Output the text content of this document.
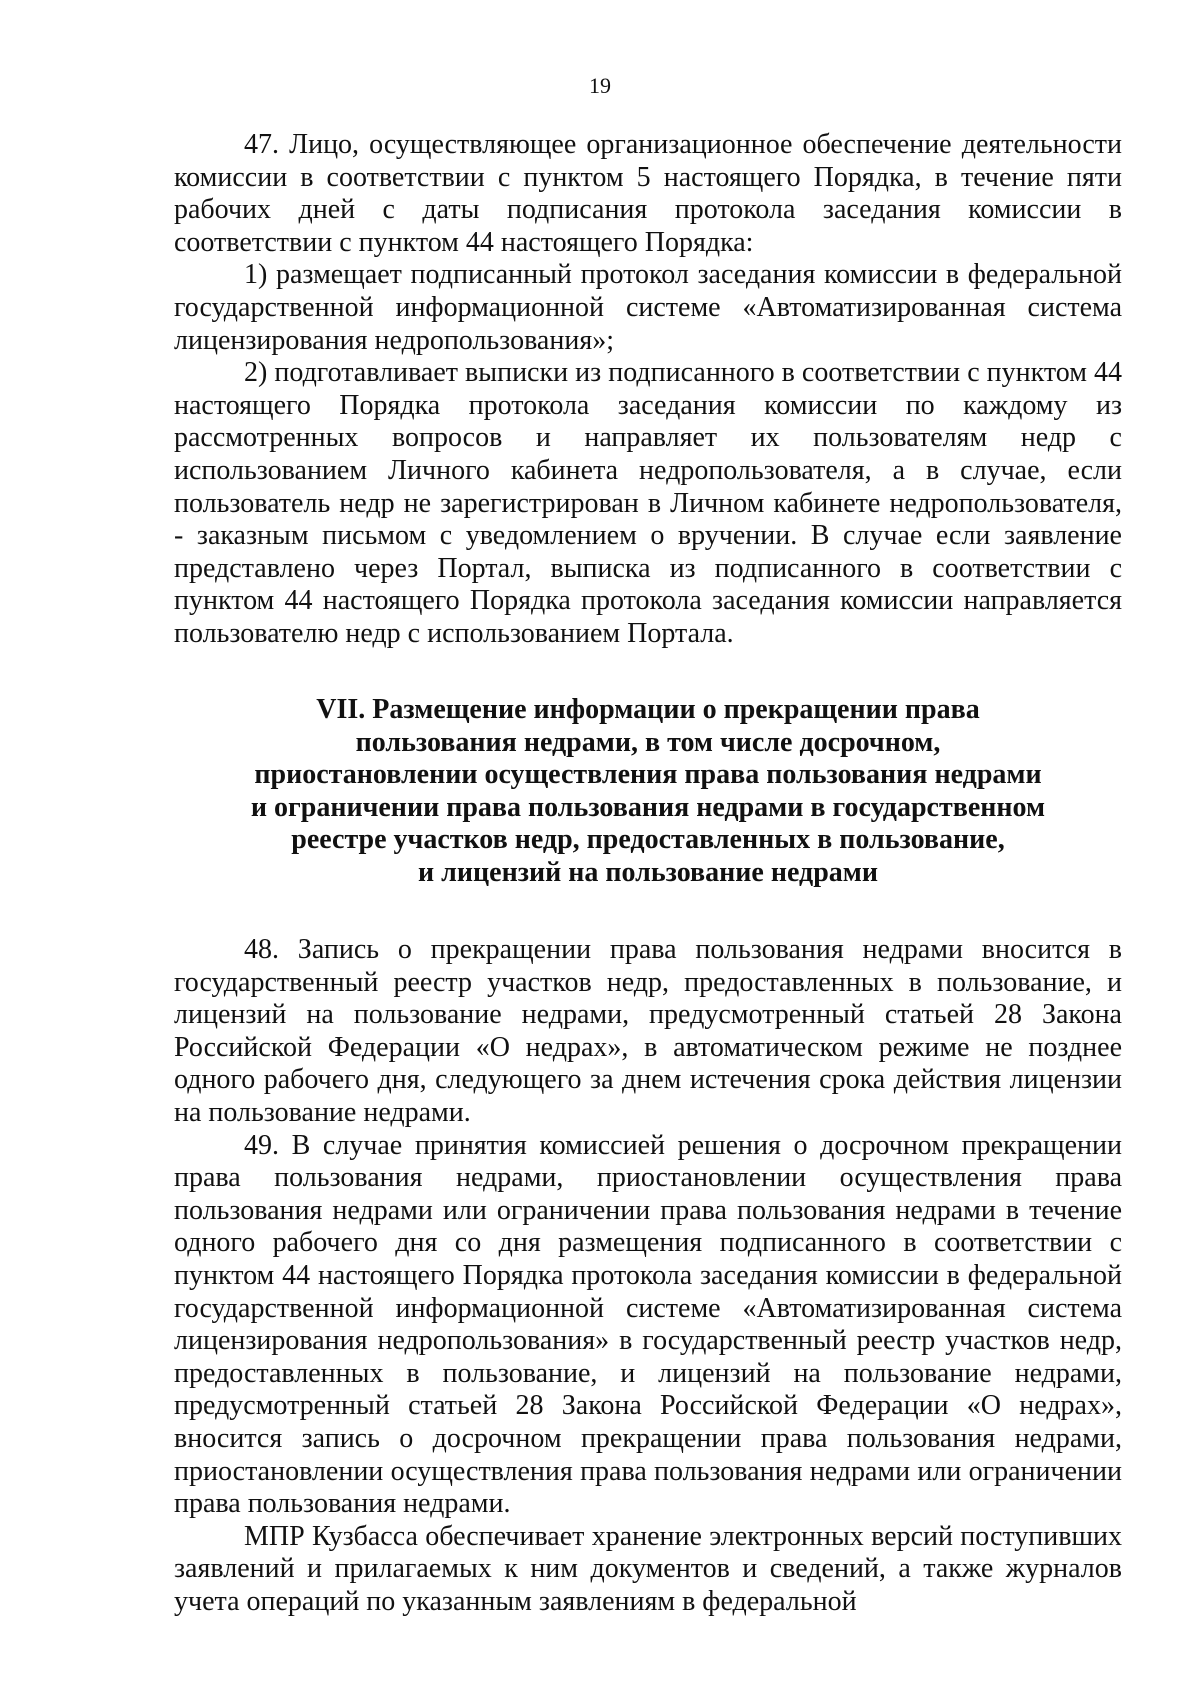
19

47. Лицо, осуществляющее организационное обеспечение деятельности комиссии в соответствии с пунктом 5 настоящего Порядка, в течение пяти рабочих дней с даты подписания протокола заседания комиссии в соответствии с пунктом 44 настоящего Порядка:

1) размещает подписанный протокол заседания комиссии в федеральной государственной информационной системе «Автоматизированная система лицензирования недропользования»;

2) подготавливает выписки из подписанного в соответствии с пунктом 44 настоящего Порядка протокола заседания комиссии по каждому из рассмотренных вопросов и направляет их пользователям недр с использованием Личного кабинета недропользователя, а в случае, если пользователь недр не зарегистрирован в Личном кабинете недропользователя, - заказным письмом с уведомлением о вручении. В случае если заявление представлено через Портал, выписка из подписанного в соответствии с пунктом 44 настоящего Порядка протокола заседания комиссии направляется пользователю недр с использованием Портала.

VII. Размещение информации о прекращении права
пользования недрами, в том числе досрочном,
приостановлении осуществления права пользования недрами
и ограничении права пользования недрами в государственном
реестре участков недр, предоставленных в пользование,
и лицензий на пользование недрами

48. Запись о прекращении права пользования недрами вносится в государственный реестр участков недр, предоставленных в пользование, и лицензий на пользование недрами, предусмотренный статьей 28 Закона Российской Федерации «О недрах», в автоматическом режиме не позднее одного рабочего дня, следующего за днем истечения срока действия лицензии на пользование недрами.

49. В случае принятия комиссией решения о досрочном прекращении права пользования недрами, приостановлении осуществления права пользования недрами или ограничении права пользования недрами в течение одного рабочего дня со дня размещения подписанного в соответствии с пунктом 44 настоящего Порядка протокола заседания комиссии в федеральной государственной информационной системе «Автоматизированная система лицензирования недропользования» в государственный реестр участков недр, предоставленных в пользование, и лицензий на пользование недрами, предусмотренный статьей 28 Закона Российской Федерации «О недрах», вносится запись о досрочном прекращении права пользования недрами, приостановлении осуществления права пользования недрами или ограничении права пользования недрами.

МПР Кузбасса обеспечивает хранение электронных версий поступивших заявлений и прилагаемых к ним документов и сведений, а также журналов учета операций по указанным заявлениям в федеральной
